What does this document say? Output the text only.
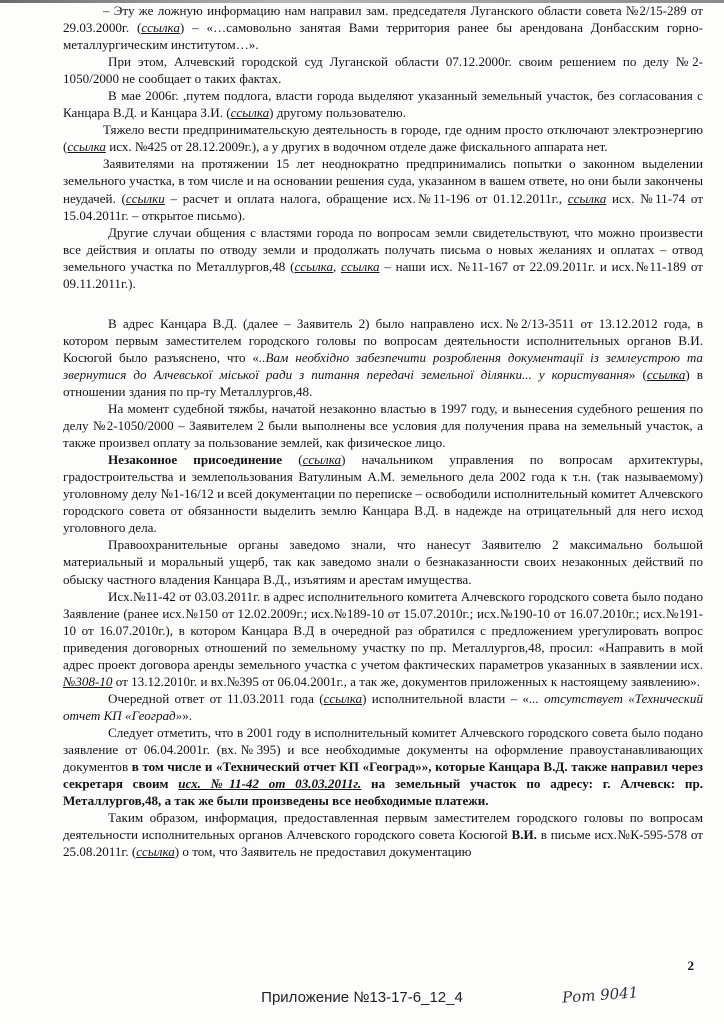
– Эту же ложную информацию нам направил зам. председателя Луганского области совета №2/15-289 от 29.03.2000г. (ссылка) – «…самовольно занятая Вами территория ранее бы арендована Донбасским горно-металлургическим институтом…».

При этом, Алчевский городской суд Луганской области 07.12.2000г. своим решением по делу №2-1050/2000 не сообщает о таких фактах.

В мае 2006г. ,путем подлога, власти города выделяют указанный земельный участок, без согласования с Канцара В.Д. и Канцара З.И. (ссылка) другому пользователю.

Тяжело вести предпринимательскую деятельность в городе, где одним просто отключают электроэнергию (ссылка исх. №425 от 28.12.2009г.), а у других в водочном отделе даже фискального аппарата нет.

Заявителями на протяжении 15 лет неоднократно предпринимались попытки о законном выделении земельного участка, в том числе и на основании решения суда, указанном в вашем ответе, но они были закончены неудачей. (ссылки – расчет и оплата налога, обращение исх.№11-196 от 01.12.2011г., ссылка исх. №11-74 от 15.04.2011г. – открытое письмо).

Другие случаи общения с властями города по вопросам земли свидетельствуют, что можно произвести все действия и оплаты по отводу земли и продолжать получать письма о новых желаниях и оплатах – отвод земельного участка по Металлургов,48 (ссылка, ссылка – наши исх. №11-167 от 22.09.2011г. и исх.№11-189 от 09.11.2011г.).

В адрес Канцара В.Д. (далее – Заявитель 2) было направлено исх.№2/13-3511 от 13.12.2012 года, в котором первым заместителем городского головы по вопросам деятельности исполнительных органов В.И. Косюгой было разъяснено, что «..Вам необхідно забезпечити розроблення документації із землеустрою та звернутися до Алчевської міської ради з питання передачі земельної ділянки... у користування» (ссылка) в отношении здания по пр-ту Металлургов,48.

На момент судебной тяжбы, начатой незаконно властью в 1997 году, и вынесения судебного решения по делу №2-1050/2000 – Заявителем 2 были выполнены все условия для получения права на земельный участок, а также произвел оплату за пользование землей, как физическое лицо.

Незаконное присоединение (ссылка) начальником управления по вопросам архитектуры, градостроительства и землепользования Ватулиным А.М. земельного дела 2002 года к т.н. (так называемому) уголовному делу №1-16/12 и всей документации по переписке – освободили исполнительный комитет Алчевского городского совета от обязанности выделить землю Канцара В.Д. в надежде на отрицательный для него исход уголовного дела.

Правоохранительные органы заведомо знали, что нанесут Заявителю 2 максимально большой материальный и моральный ущерб, так как заведомо знали о безнаказанности своих незаконных действий по обыску частного владения Канцара В.Д., изъятиям и арестам имущества.

Исх.№11-42 от 03.03.2011г. в адрес исполнительного комитета Алчевского городского совета было подано Заявление (ранее исх.№150 от 12.02.2009г.; исх.№189-10 от 15.07.2010г.; исх.№190-10 от 16.07.2010г.; исх.№191-10 от 16.07.2010г.), в котором Канцара В.Д в очередной раз обратился с предложением урегулировать вопрос приведения договорных отношений по земельному участку по пр. Металлургов,48, просил: «Направить в мой адрес проект договора аренды земельного участка с учетом фактических параметров указанных в заявлении исх.№308-10 от 13.12.2010г. и вх.№395 от 06.04.2001г., а так же, документов приложенных к настоящему заявлению».

Очередной ответ от 11.03.2011 года (ссылка) исполнительной власти – «... отсутствует «Технический отчет КП «Геоград»».

Следует отметить, что в 2001 году в исполнительный комитет Алчевского городского совета было подано заявление от 06.04.2001г. (вх.№395) и все необходимые документы на оформление правоустанавливающих документов в том числе и «Технический отчет КП «Геоград»», которые Канцара В.Д. также направил через секретаря своим исх. №11-42 от 03.03.2011г. на земельный участок по адресу: г. Алчевск: пр. Металлургов,48, а так же были произведены все необходимые платежи.

Таким образом, информация, предоставленная первым заместителем городского головы по вопросам деятельности исполнительных органов Алчевского городского совета Косюгой В.И. в письме исх.№К-595-578 от 25.08.2011г. (ссылка) о том, что Заявитель не предоставил документацию

2
Приложение №13-17-6_12_4	Рот 9041
